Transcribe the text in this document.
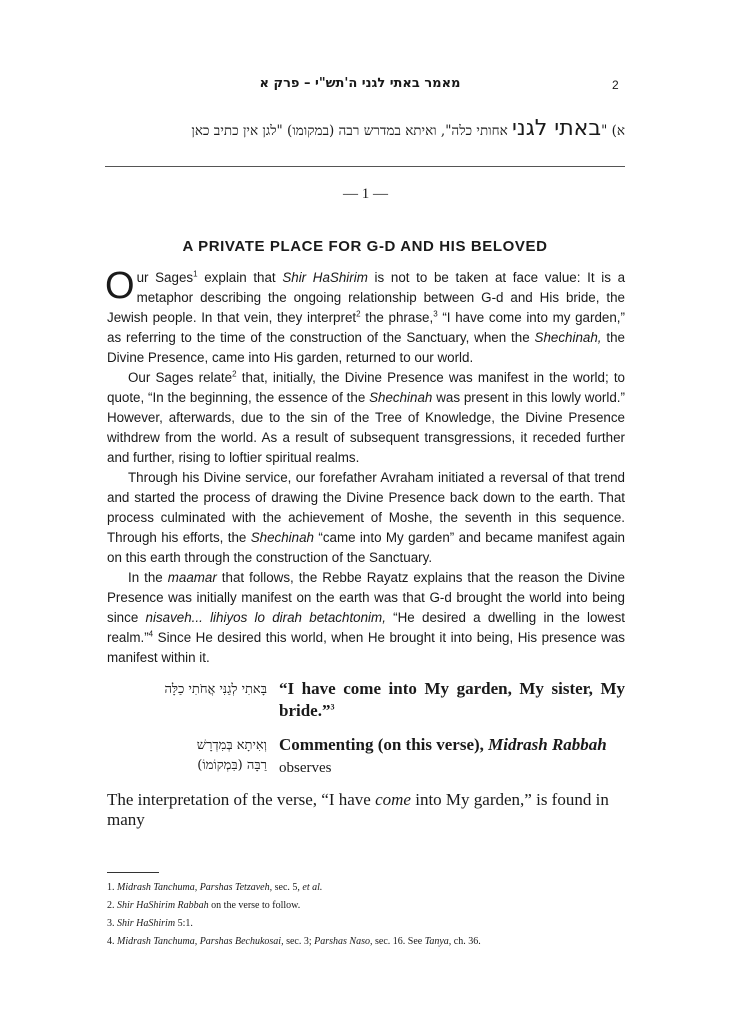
מאמר באתי לגני ה'תש"י – פרק א	2
א) "באתי לגני אחותי כלה", ואיתא במדרש רבה (במקומו) "לגן אין כתיב כאן
— 1 —
A PRIVATE PLACE FOR G-D AND HIS BELOVED

Our Sages$^1$ explain that Shir HaShirim is not to be taken at face value: It is a metaphor describing the ongoing relationship between G-d and His bride, the Jewish people. In that vein, they interpret$^2$ the phrase,$^3$ “I have come into my garden,” as referring to the time of the construction of the Sanctuary, when the Shechinah, the Divine Presence, came into His garden, returned to our world.

Our Sages relate$^2$ that, initially, the Divine Presence was manifest in the world; to quote, “In the beginning, the essence of the Shechinah was present in this lowly world.” However, afterwards, due to the sin of the Tree of Knowledge, the Divine Presence withdrew from the world. As a result of subsequent transgressions, it receded further and further, rising to loftier spiritual realms.

Through his Divine service, our forefather Avraham initiated a reversal of that trend and started the process of drawing the Divine Presence back down to the earth. That process culminated with the achievement of Moshe, the seventh in this sequence. Through his efforts, the Shechinah “came into My garden” and became manifest again on this earth through the construction of the Sanctuary.

In the maamar that follows, the Rebbe Rayatz explains that the reason the Divine Presence was initially manifest on the earth was that G-d brought the world into being since nisaveh... lihiyos lo dirah betachtonim, “He desired a dwelling in the lowest realm.”$^4$ Since He desired this world, when He brought it into being, His presence was manifest within it.

בָּאתִי לְגַנִּי אֲחֹתִי כַלָּה “I have come into My garden, My sister, My bride.”$^3$
וְאִיתָא בְּמִדְרָשׁ
רַבָּה (בִּמְקוֹמוֹ)
Commenting (on this verse), Midrash Rabbah
observes
The interpretation of the verse, “I have come into My garden,” is found in many
1. Midrash Tanchuma, Parshas Tetzaveh, sec. 5, et al.
2. Shir HaShirim Rabbah on the verse to follow.
3. Shir HaShirim 5:1.
4. Midrash Tanchuma, Parshas Bechukosai, sec. 3; Parshas Naso, sec. 16. See Tanya, ch. 36.
